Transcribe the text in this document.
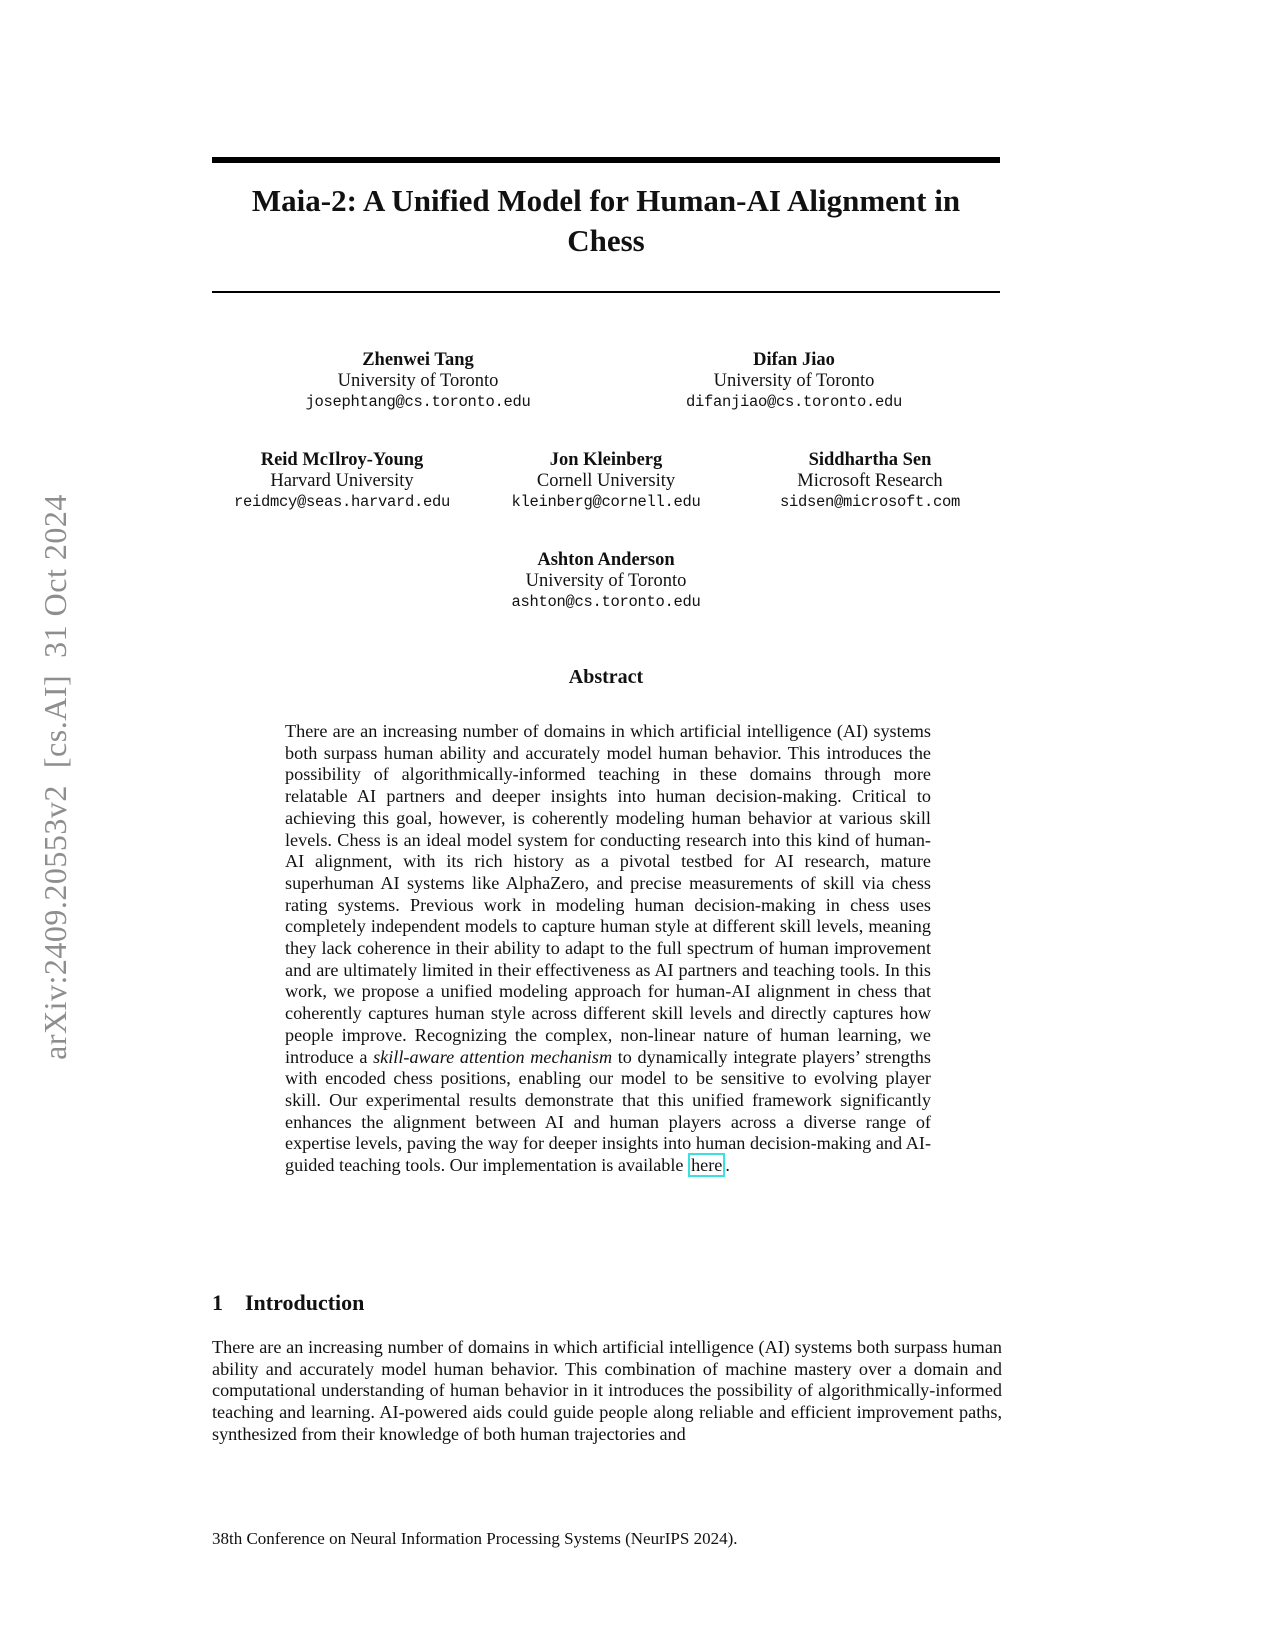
arXiv:2409.20553v2  [cs.AI]  31 Oct 2024
Maia-2: A Unified Model for Human-AI Alignment in Chess
Zhenwei Tang
University of Toronto
josephtang@cs.toronto.edu
Difan Jiao
University of Toronto
difanjiao@cs.toronto.edu
Reid McIlroy-Young
Harvard University
reidmcy@seas.harvard.edu
Jon Kleinberg
Cornell University
kleinberg@cornell.edu
Siddhartha Sen
Microsoft Research
sidsen@microsoft.com
Ashton Anderson
University of Toronto
ashton@cs.toronto.edu
Abstract
There are an increasing number of domains in which artificial intelligence (AI) systems both surpass human ability and accurately model human behavior. This introduces the possibility of algorithmically-informed teaching in these domains through more relatable AI partners and deeper insights into human decision-making. Critical to achieving this goal, however, is coherently modeling human behavior at various skill levels. Chess is an ideal model system for conducting research into this kind of human-AI alignment, with its rich history as a pivotal testbed for AI research, mature superhuman AI systems like AlphaZero, and precise measurements of skill via chess rating systems. Previous work in modeling human decision-making in chess uses completely independent models to capture human style at different skill levels, meaning they lack coherence in their ability to adapt to the full spectrum of human improvement and are ultimately limited in their effectiveness as AI partners and teaching tools. In this work, we propose a unified modeling approach for human-AI alignment in chess that coherently captures human style across different skill levels and directly captures how people improve. Recognizing the complex, non-linear nature of human learning, we introduce a skill-aware attention mechanism to dynamically integrate players’ strengths with encoded chess positions, enabling our model to be sensitive to evolving player skill. Our experimental results demonstrate that this unified framework significantly enhances the alignment between AI and human players across a diverse range of expertise levels, paving the way for deeper insights into human decision-making and AI-guided teaching tools. Our implementation is available here .
1 Introduction
There are an increasing number of domains in which artificial intelligence (AI) systems both surpass human ability and accurately model human behavior. This combination of machine mastery over a domain and computational understanding of human behavior in it introduces the possibility of algorithmically-informed teaching and learning. AI-powered aids could guide people along reliable and efficient improvement paths, synthesized from their knowledge of both human trajectories and
38th Conference on Neural Information Processing Systems (NeurIPS 2024).
